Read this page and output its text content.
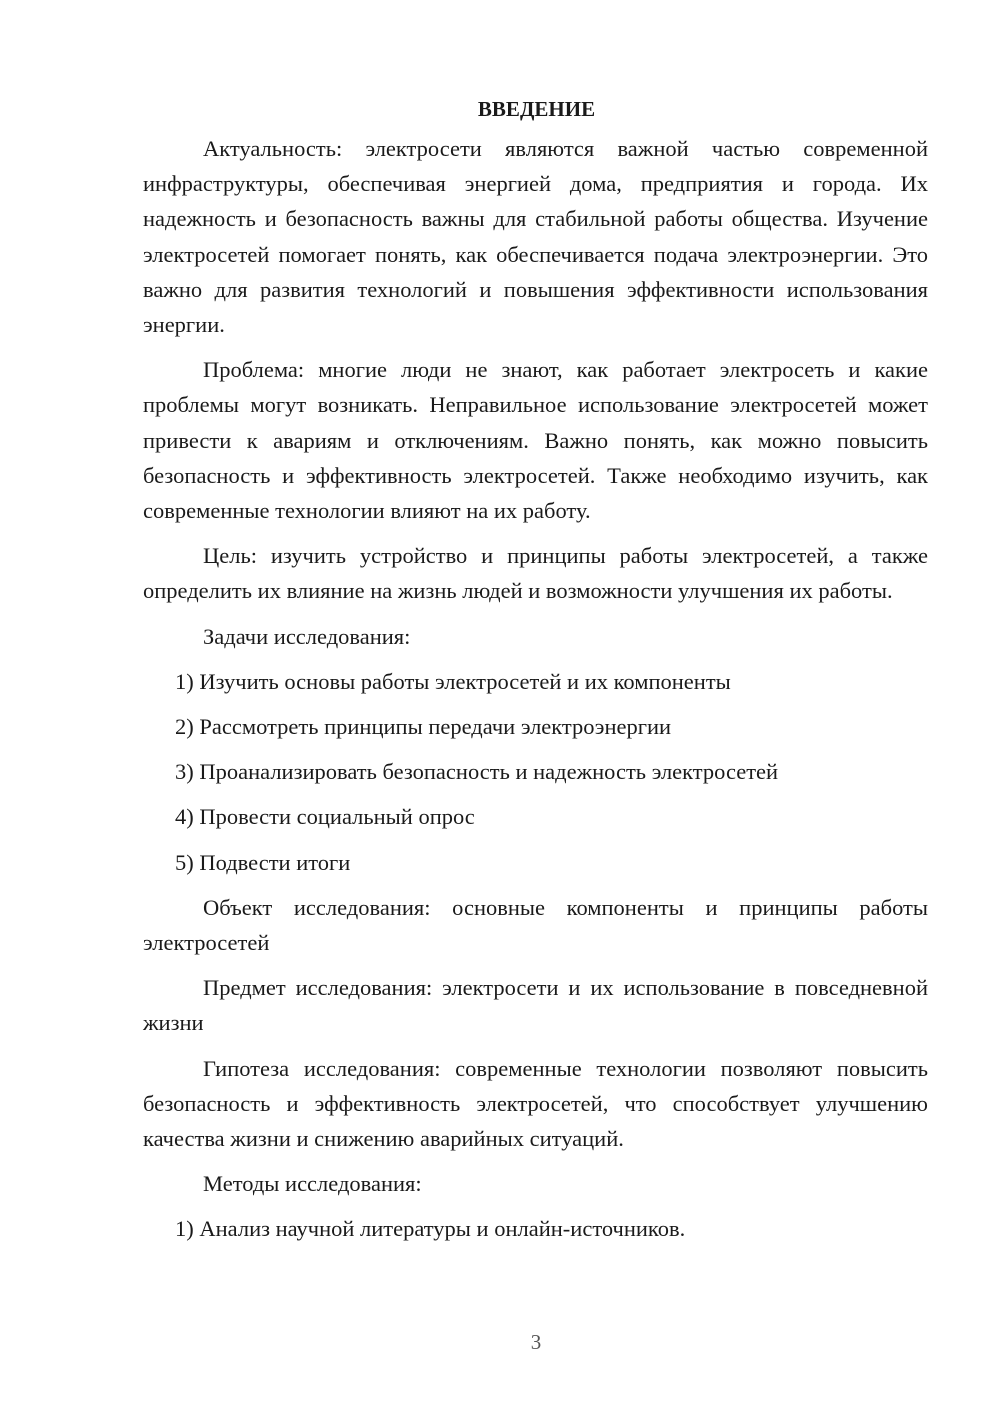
ВВЕДЕНИЕ

Актуальность: электросети являются важной частью современной инфраструктуры, обеспечивая энергией дома, предприятия и города. Их надежность и безопасность важны для стабильной работы общества. Изучение электросетей помогает понять, как обеспечивается подача электроэнергии. Это важно для развития технологий и повышения эффективности использования энергии.

Проблема: многие люди не знают, как работает электросеть и какие проблемы могут возникать. Неправильное использование электросетей может привести к авариям и отключениям. Важно понять, как можно повысить безопасность и эффективность электросетей. Также необходимо изучить, как современные технологии влияют на их работу.

Цель: изучить устройство и принципы работы электросетей, а также определить их влияние на жизнь людей и возможности улучшения их работы.

Задачи исследования:

1) Изучить основы работы электросетей и их компоненты
2) Рассмотреть принципы передачи электроэнергии
3) Проанализировать безопасность и надежность электросетей
4) Провести социальный опрос
5) Подвести итоги

Объект исследования: основные компоненты и принципы работы электросетей

Предмет исследования: электросети и их использование в повседневной жизни

Гипотеза исследования: современные технологии позволяют повысить безопасность и эффективность электросетей, что способствует улучшению качества жизни и снижению аварийных ситуаций.

Методы исследования:

1) Анализ научной литературы и онлайн-источников.
3
